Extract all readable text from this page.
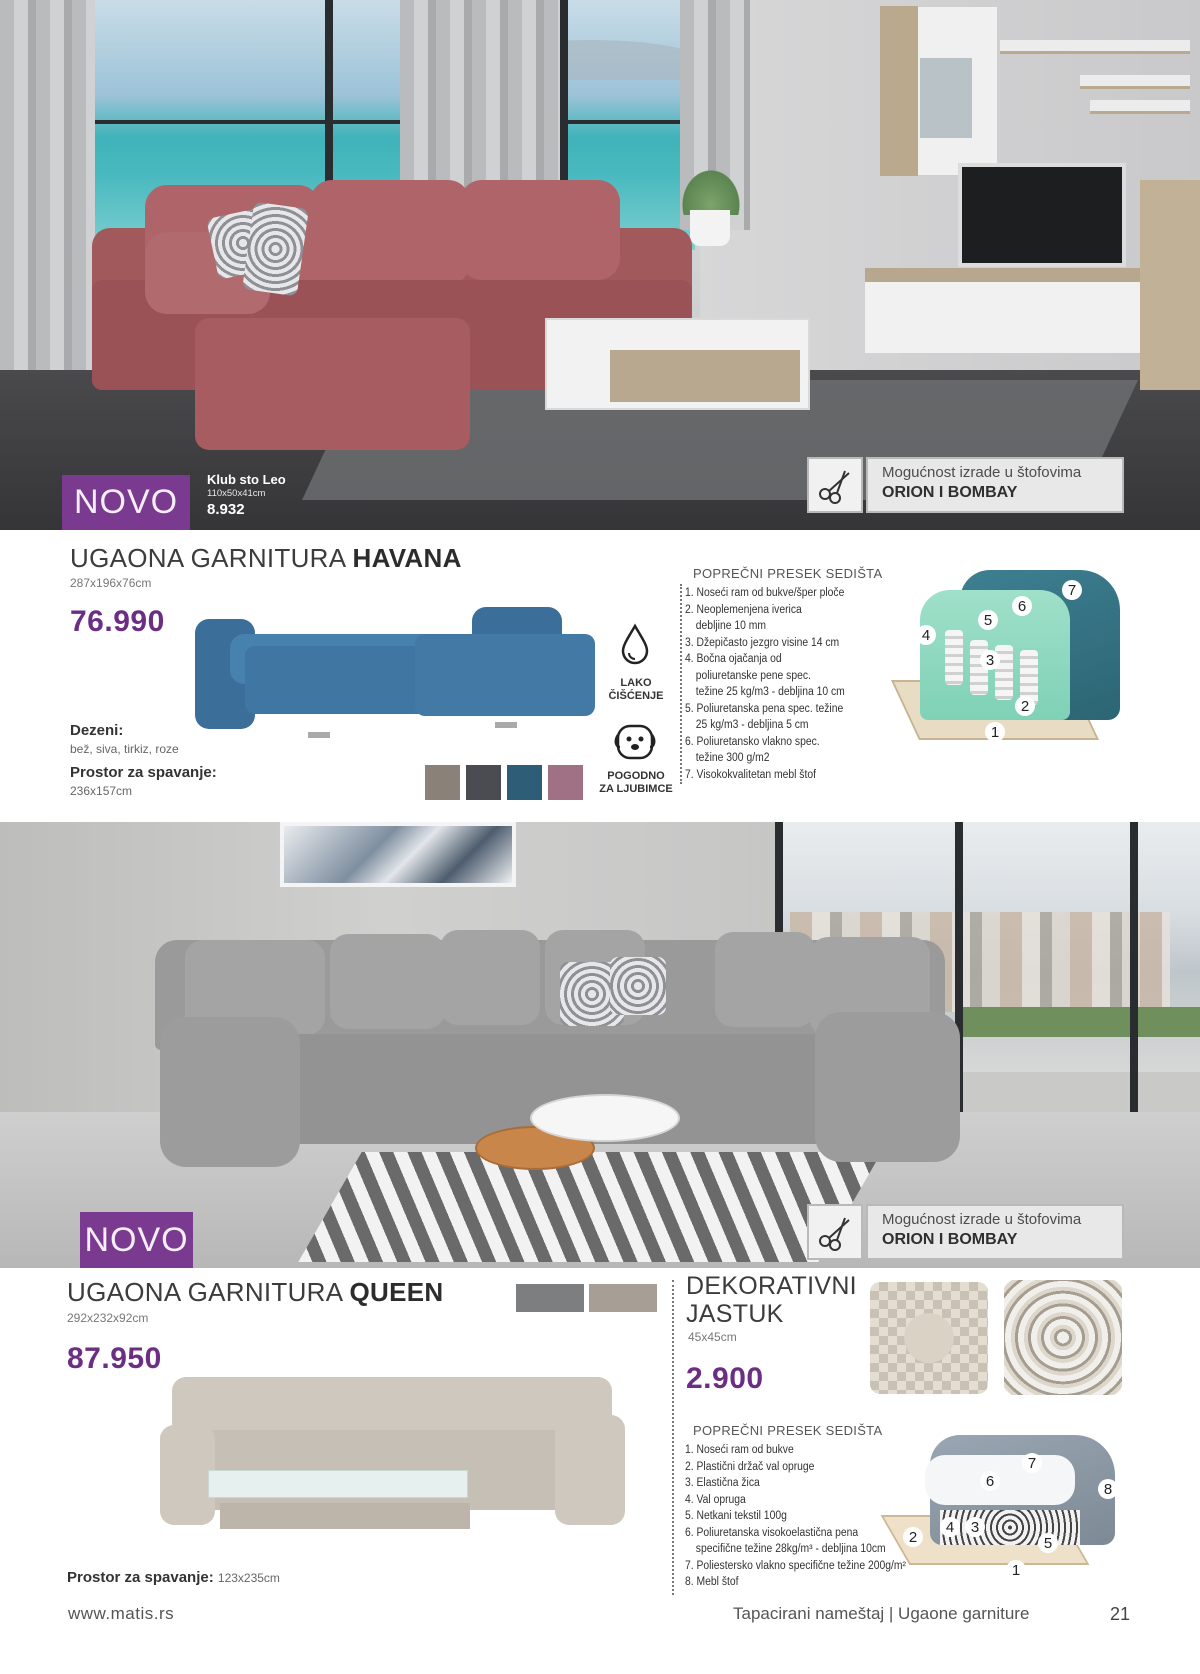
NOVO
Klub sto Leo
110x50x41cm
8.932
Mogućnost izrade u štofovima
ORION I BOMBAY
UGAONA GARNITURA HAVANA
287x196x76cm
76.990
Dezeni:
bež, siva, tirkiz, roze
Prostor za spavanje:
236x157cm
LAKO
ČIŠĆENJE
POGODNO
ZA LJUBIMCE
POPREČNI PRESEK SEDIŠTA
1. Noseći ram od bukve/šper ploče
2. Neoplemenjena iverica
debljine 10 mm
3. Džepičasto jezgro visine 14 cm
4. Bočna ojačanja od
poliuretanske pene spec.
težine 25 kg/m3 - debljina 10 cm
5. Poliuretanska pena spec. težine
25 kg/m3 - debljina 5 cm
6. Poliuretansko vlakno spec.
težine 300 g/m2
7. Visokokvalitetan mebl štof
1
2
3
4
5
6
7
NOVO
Mogućnost izrade u štofovima
ORION I BOMBAY
UGAONA GARNITURA QUEEN
292x232x92cm
87.950
Prostor za spavanje: 123x235cm
DEKORATIVNI
JASTUK
45x45cm
2.900
POPREČNI PRESEK SEDIŠTA
1. Noseći ram od bukve
2. Plastični držač val opruge
3. Elastična žica
4. Val opruga
5. Netkani tekstil 100g
6. Poliuretanska visokoelastična pena
specifične težine 28kg/m³ - debljina 10cm
7. Poliestersko vlakno specifične težine 200g/m²
8. Mebl štof
1
2
3
4
5
6
7
8
www.matis.rs	Tapacirani nameštaj | Ugaone garniture	21
